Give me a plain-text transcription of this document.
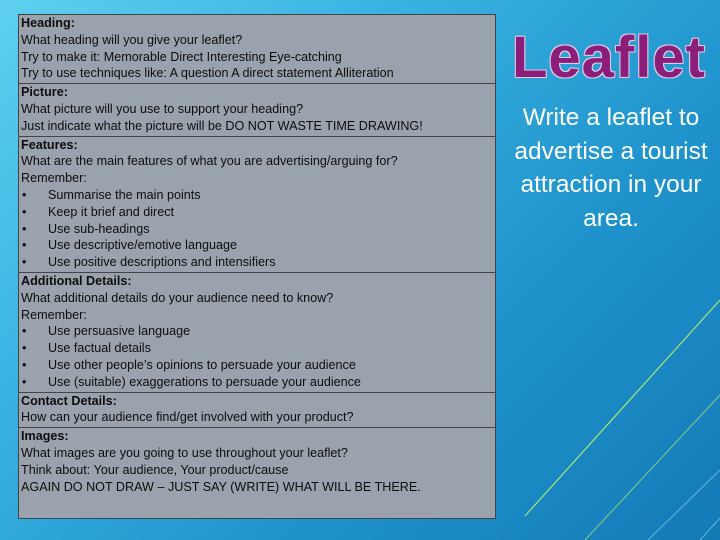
Heading:
What heading will you give your leaflet?
Try to make it: Memorable Direct Interesting Eye-catching
Try to use techniques like: A question A direct statement Alliteration
Picture:
What picture will you use to support your heading?
Just indicate what the picture will be DO NOT WASTE TIME DRAWING!
Features:
What are the main features of what you are advertising/arguing for?
Remember:
•	Summarise the main points
•	Keep it brief and direct
•	Use sub-headings
•	Use descriptive/emotive language
•	Use positive descriptions and intensifiers
Additional Details:
What additional details do your audience need to know?
Remember:
•	Use persuasive language
•	Use factual details
•	Use other people’s opinions to persuade your audience
•	Use (suitable) exaggerations to persuade your audience
Contact Details:
How can your audience find/get involved with your product?
Images:
What images are you going to use throughout your leaflet?
Think about: Your audience, Your product/cause
AGAIN DO NOT DRAW – JUST SAY (WRITE) WHAT WILL BE THERE.
Leaflet
Write a leaflet to advertise a tourist attraction in your area.
